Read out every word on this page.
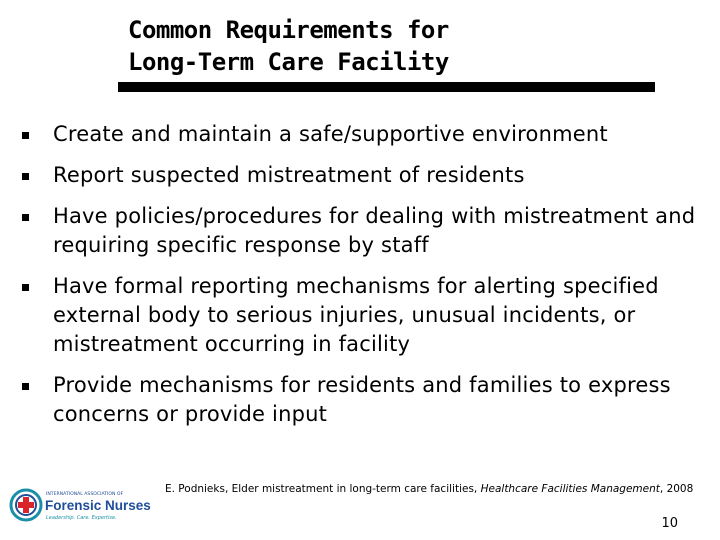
Common Requirements for
Long-Term Care Facility
Create and maintain a safe/supportive environment
Report suspected mistreatment of residents
Have policies/procedures for dealing with mistreatment and requiring specific response by staff
Have formal reporting mechanisms for alerting specified external body to serious injuries, unusual incidents, or mistreatment occurring in facility
Provide mechanisms for residents and families to express concerns or provide input
E. Podnieks, Elder mistreatment in long-term care facilities, Healthcare Facilities Management, 2008
INTERNATIONAL ASSOCIATION OF
Forensic Nurses
Leadership. Care. Expertise.	10
